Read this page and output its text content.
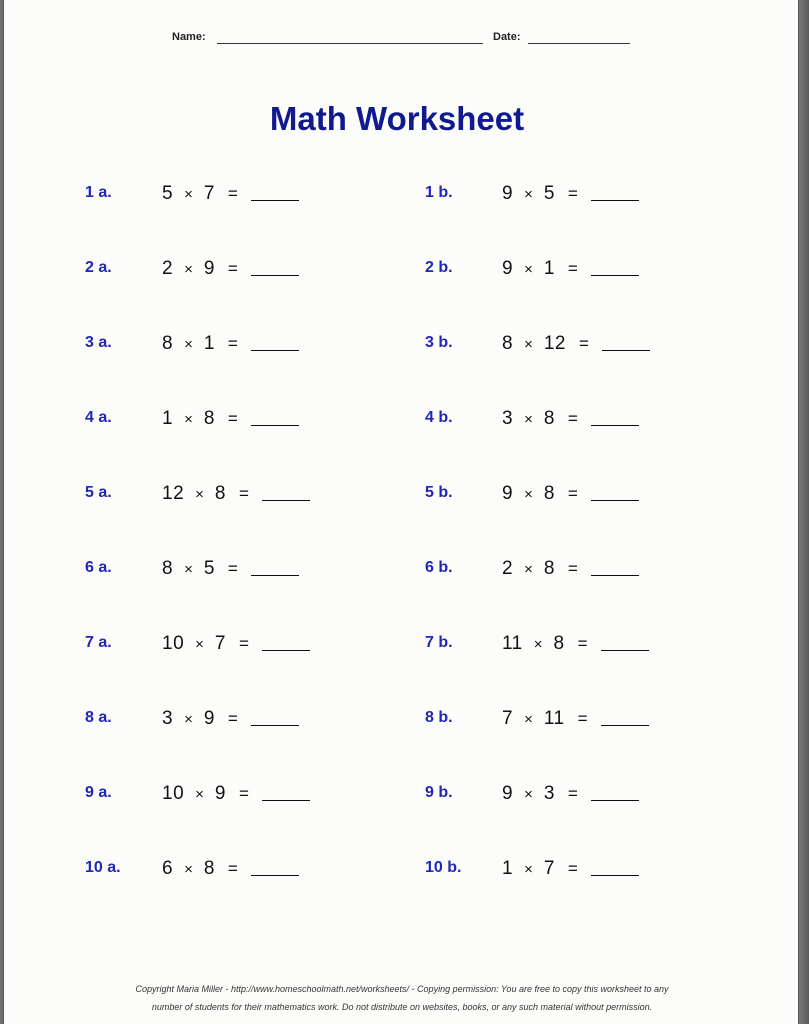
Name:	Date:
Math Worksheet
1 a.	5 × 7 =	1 b.	9 × 5 =
2 a.	2 × 9 =	2 b.	9 × 1 =
3 a.	8 × 1 =	3 b.	8 × 12 =
4 a.	1 × 8 =	4 b.	3 × 8 =
5 a.	12 × 8 =	5 b.	9 × 8 =
6 a.	8 × 5 =	6 b.	2 × 8 =
7 a.	10 × 7 =	7 b.	11 × 8 =
8 a.	3 × 9 =	8 b.	7 × 11 =
9 a.	10 × 9 =	9 b.	9 × 3 =
10 a. 6 × 8 =	10 b. 1 × 7 =
Copyright Maria Miller - http://www.homeschoolmath.net/worksheets/ - Copying permission: You are free to copy this worksheet to any
number of students for their mathematics work. Do not distribute on websites, books, or any such material without permission.
